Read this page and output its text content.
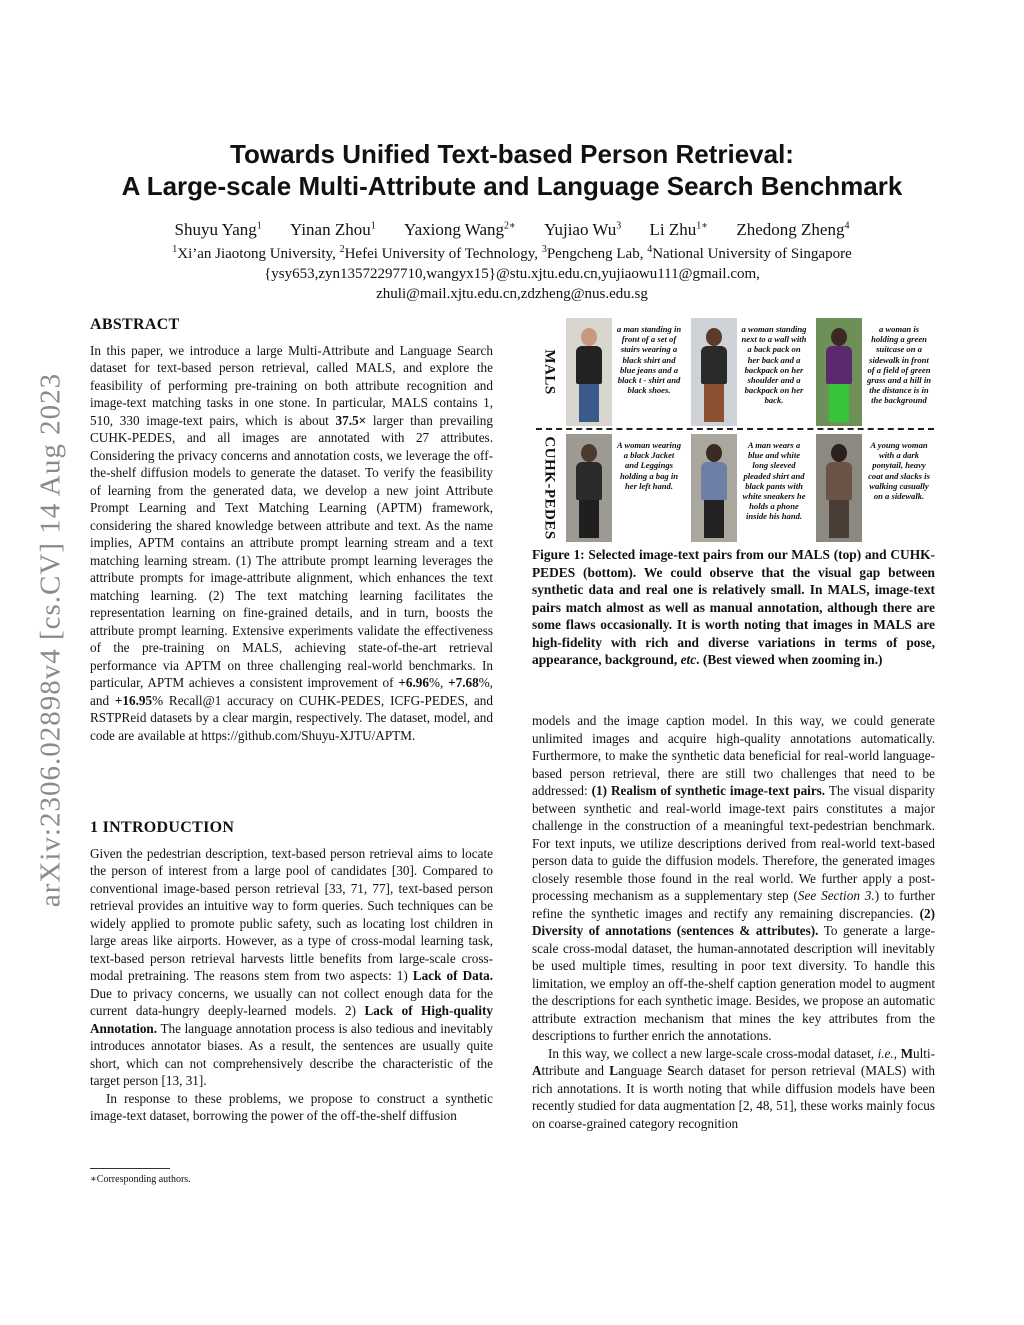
arXiv:2306.02898v4 [cs.CV] 14 Aug 2023
Towards Unified Text-based Person Retrieval:
A Large-scale Multi-Attribute and Language Search Benchmark
Shuyu Yang$^1$ Yinan Zhou$^1$ Yaxiong Wang$^{2∗}$ Yujiao Wu$^3$ Li Zhu$^{1∗}$ Zhedong Zheng$^4$
$^1$Xi’an Jiaotong University, $^2$Hefei University of Technology, $^3$Pengcheng Lab, $^4$National University of Singapore
{ysy653,zyn13572297710,wangyx15}@stu.xjtu.edu.cn,yujiaowu111@gmail.com,
zhuli@mail.xjtu.edu.cn,zdzheng@nus.edu.sg
ABSTRACT

In this paper, we introduce a large Multi-Attribute and Language Search dataset for text-based person retrieval, called MALS, and explore the feasibility of performing pre-training on both attribute recognition and image-text matching tasks in one stone. In particular, MALS contains 1, 510, 330 image-text pairs, which is about 37.5× larger than prevailing CUHK-PEDES, and all images are annotated with 27 attributes. Considering the privacy concerns and annotation costs, we leverage the off-the-shelf diffusion models to generate the dataset. To verify the feasibility of learning from the generated data, we develop a new joint Attribute Prompt Learning and Text Matching Learning (APTM) framework, considering the shared knowledge between attribute and text. As the name implies, APTM contains an attribute prompt learning stream and a text matching learning stream. (1) The attribute prompt learning leverages the attribute prompts for image-attribute alignment, which enhances the text matching learning. (2) The text matching learning facilitates the representation learning on fine-grained details, and in turn, boosts the attribute prompt learning. Extensive experiments validate the effectiveness of the pre-training on MALS, achieving state-of-the-art retrieval performance via APTM on three challenging real-world benchmarks. In particular, APTM achieves a consistent improvement of +6.96%, +7.68%, and +16.95% Recall@1 accuracy on CUHK-PEDES, ICFG-PEDES, and RSTPReid datasets by a clear margin, respectively. The dataset, model, and code are available at https://github.com/Shuyu-XJTU/APTM.

1 INTRODUCTION

Given the pedestrian description, text-based person retrieval aims to locate the person of interest from a large pool of candidates [30]. Compared to conventional image-based person retrieval [33, 71, 77], text-based person retrieval provides an intuitive way to form queries. Such techniques can be widely applied to promote public safety, such as locating lost children in large areas like airports. However, as a type of cross-modal learning task, text-based person retrieval harvests little benefits from large-scale cross-modal pretraining. The reasons stem from two aspects: 1) Lack of Data. Due to privacy concerns, we usually can not collect enough data for the current data-hungry deeply-learned models. 2) Lack of High-quality Annotation. The language annotation process is also tedious and inevitably introduces annotator biases. As a result, the sentences are usually quite short, which can not comprehensively describe the characteristic of the target person [13, 31].

In response to these problems, we propose to construct a synthetic image-text dataset, borrowing the power of the off-the-shelf diffusion

∗Corresponding authors.
MALS
CUHK-PEDES
a man standing in front of a set of stairs wearing a black shirt and blue jeans and a black t - shirt and black shoes.
a woman standing next to a wall with a back pack on her back and a backpack on her shoulder and a backpack on her back.
a woman is holding a green suitcase on a sidewalk in front of a field of green grass and a hill in the distance is in the background
A woman wearing a black Jacket and Leggings holding a bag in her left hand.
A man wears a blue and white long sleeved pleaded shirt and black pants with white sneakers he holds a phone inside his hand.
A young woman with a dark ponytail, heavy coat and slacks is walking casually on a sidewalk.
Figure 1: Selected image-text pairs from our MALS (top) and CUHK-PEDES (bottom). We could observe that the visual gap between synthetic data and real one is relatively small. In MALS, image-text pairs match almost as well as manual annotation, although there are some flaws occasionally. It is worth noting that images in MALS are high-fidelity with rich and diverse variations in terms of pose, appearance, background, etc. (Best viewed when zooming in.)

models and the image caption model. In this way, we could generate unlimited images and acquire high-quality annotations automatically. Furthermore, to make the synthetic data beneficial for real-world language-based person retrieval, there are still two challenges that need to be addressed: (1) Realism of synthetic image-text pairs. The visual disparity between synthetic and real-world image-text pairs constitutes a major challenge in the construction of a meaningful text-pedestrian benchmark. For text inputs, we utilize descriptions derived from real-world text-based person data to guide the diffusion models. Therefore, the generated images closely resemble those found in the real world. We further apply a post-processing mechanism as a supplementary step (See Section 3.) to further refine the synthetic images and rectify any remaining discrepancies. (2) Diversity of annotations (sentences & attributes). To generate a large-scale cross-modal dataset, the human-annotated description will inevitably be used multiple times, resulting in poor text diversity. To handle this limitation, we employ an off-the-shelf caption generation model to augment the descriptions for each synthetic image. Besides, we propose an automatic attribute extraction mechanism that mines the key attributes from the descriptions to further enrich the annotations.

In this way, we collect a new large-scale cross-modal dataset, i.e., Multi-Attribute and Language Search dataset for person retrieval (MALS) with rich annotations. It is worth noting that while diffusion models have been recently studied for data augmentation [2, 48, 51], these works mainly focus on coarse-grained category recognition
